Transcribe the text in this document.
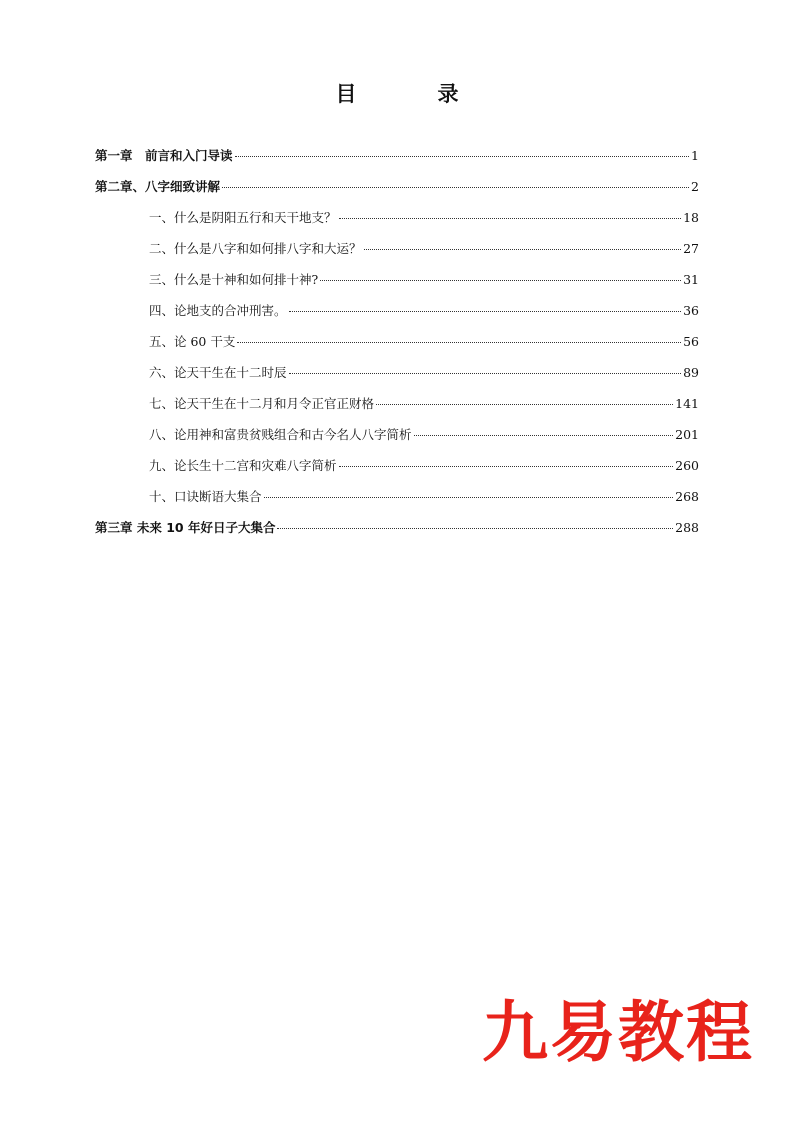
目　录
第一章　前言和入门导读	1
第二章、八字细致讲解	2
一、什么是阴阳五行和天干地支？	18
二、什么是八字和如何排八字和大运？	27
三、什么是十神和如何排十神?	31
四、论地支的合冲刑害。	36
五、论 60 干支	56
六、论天干生在十二时辰	89
七、论天干生在十二月和月令正官正财格	141
八、论用神和富贵贫贱组合和古今名人八字简析	201
九、论长生十二宫和灾难八字简析	260
十、口诀断语大集合	268
第三章 未来 10 年好日子大集合	288
九易教程
